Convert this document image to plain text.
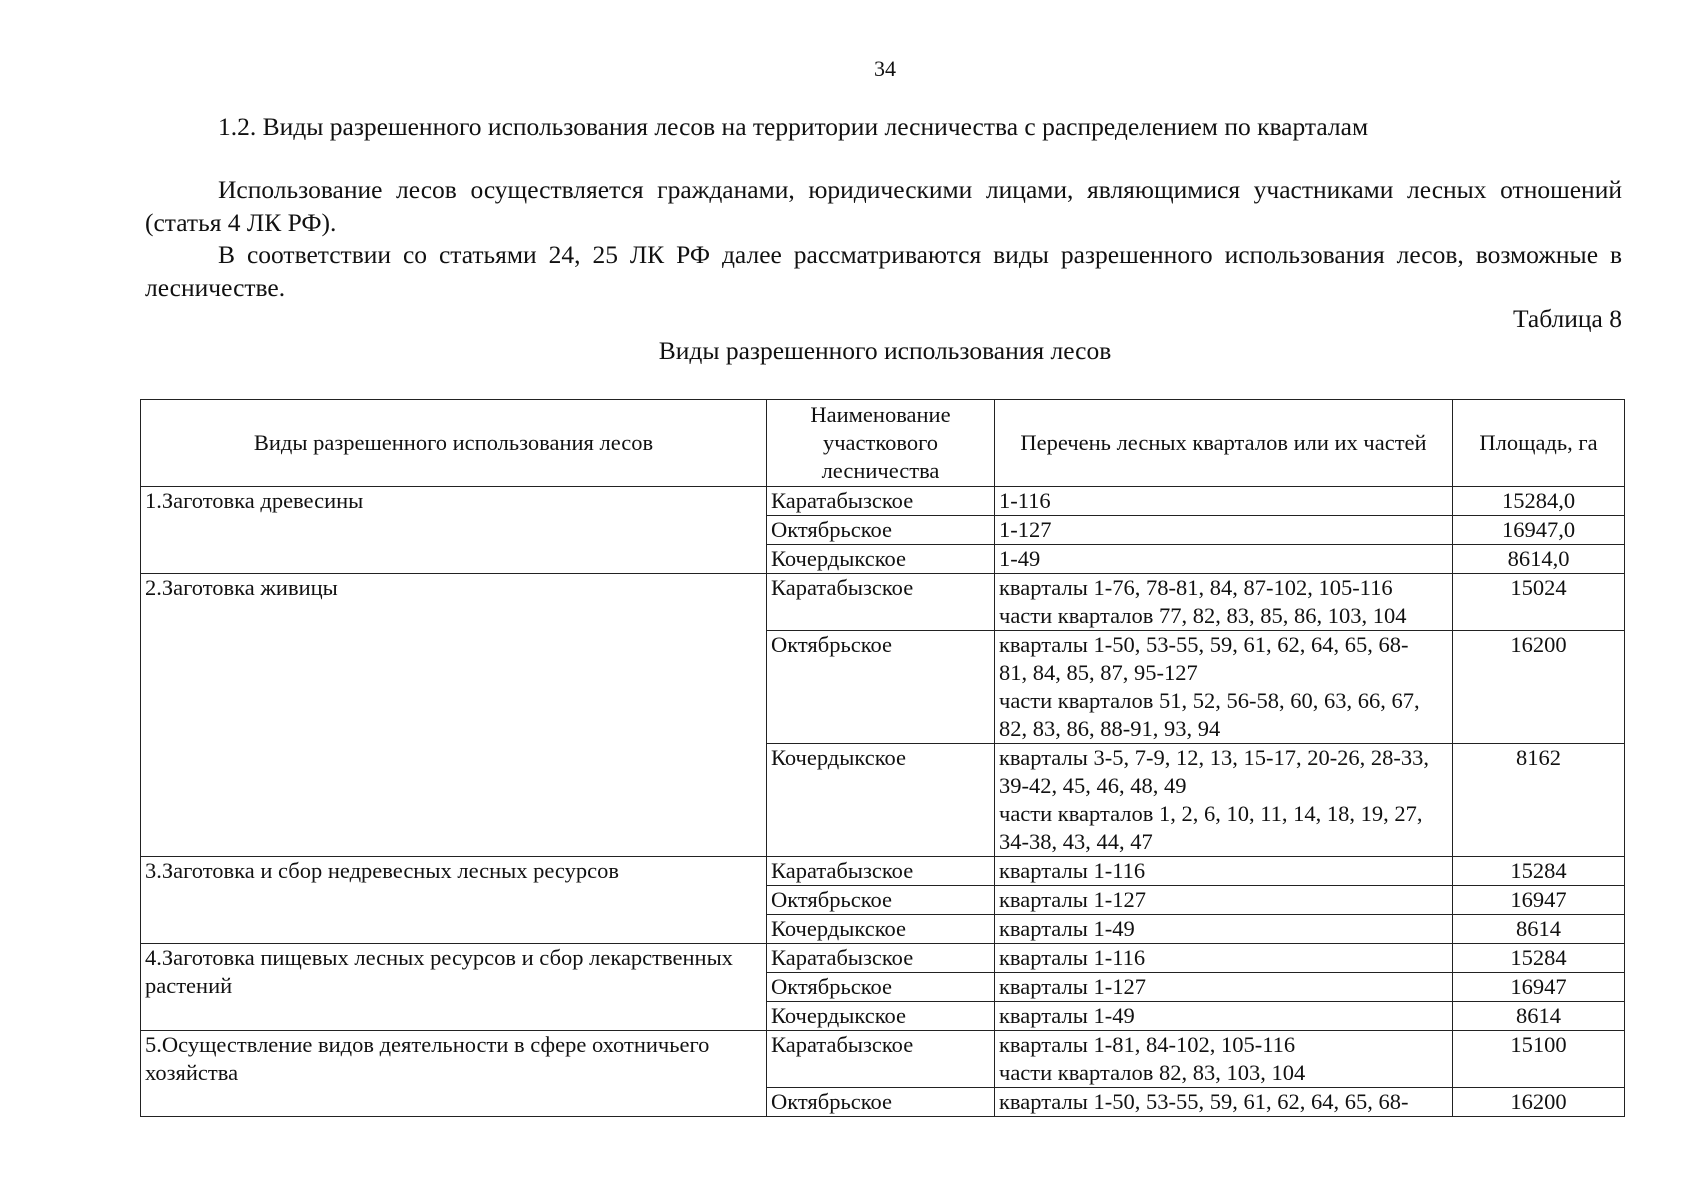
34
1.2. Виды разрешенного использования лесов на территории лесничества с распределением по кварталам
Использование лесов осуществляется гражданами, юридическими лицами, являющимися участниками лесных отношений (статья 4 ЛК РФ).
В соответствии со статьями 24, 25 ЛК РФ далее рассматриваются виды разрешенного использования лесов, возможные в лесничестве.
Таблица 8
Виды разрешенного использования лесов
Виды разрешенного использования лесов	Наименование участкового лесничества	Перечень лесных кварталов или их частей	Площадь, га
1.Заготовка древесины	Каратабызское	1-116	15284,0
	Октябрьское	1-127	16947,0
	Кочердыкское	1-49	8614,0
2.Заготовка живицы	Каратабызское	кварталы 1-76, 78-81, 84, 87-102, 105-116
части кварталов 77, 82, 83, 85, 86, 103, 104	15024
	Октябрьское	кварталы 1-50, 53-55, 59, 61, 62, 64, 65, 68-
81, 84, 85, 87, 95-127
части кварталов 51, 52, 56-58, 60, 63, 66, 67,
82, 83, 86, 88-91, 93, 94	16200
	Кочердыкское	кварталы 3-5, 7-9, 12, 13, 15-17, 20-26, 28-33,
39-42, 45, 46, 48, 49
части кварталов 1, 2, 6, 10, 11, 14, 18, 19, 27,
34-38, 43, 44, 47	8162
3.Заготовка и сбор недревесных лесных ресурсов	Каратабызское	кварталы 1-116	15284
	Октябрьское	кварталы 1-127	16947
	Кочердыкское	кварталы 1-49	8614
4.Заготовка пищевых лесных ресурсов и сбор лекарственных растений	Каратабызское	кварталы 1-116	15284
	Октябрьское	кварталы 1-127	16947
	Кочердыкское	кварталы 1-49	8614
5.Осуществление видов деятельности в сфере охотничьего хозяйства	Каратабызское	кварталы 1-81, 84-102, 105-116
части кварталов 82, 83, 103, 104	15100
	Октябрьское	кварталы 1-50, 53-55, 59, 61, 62, 64, 65, 68-	16200
